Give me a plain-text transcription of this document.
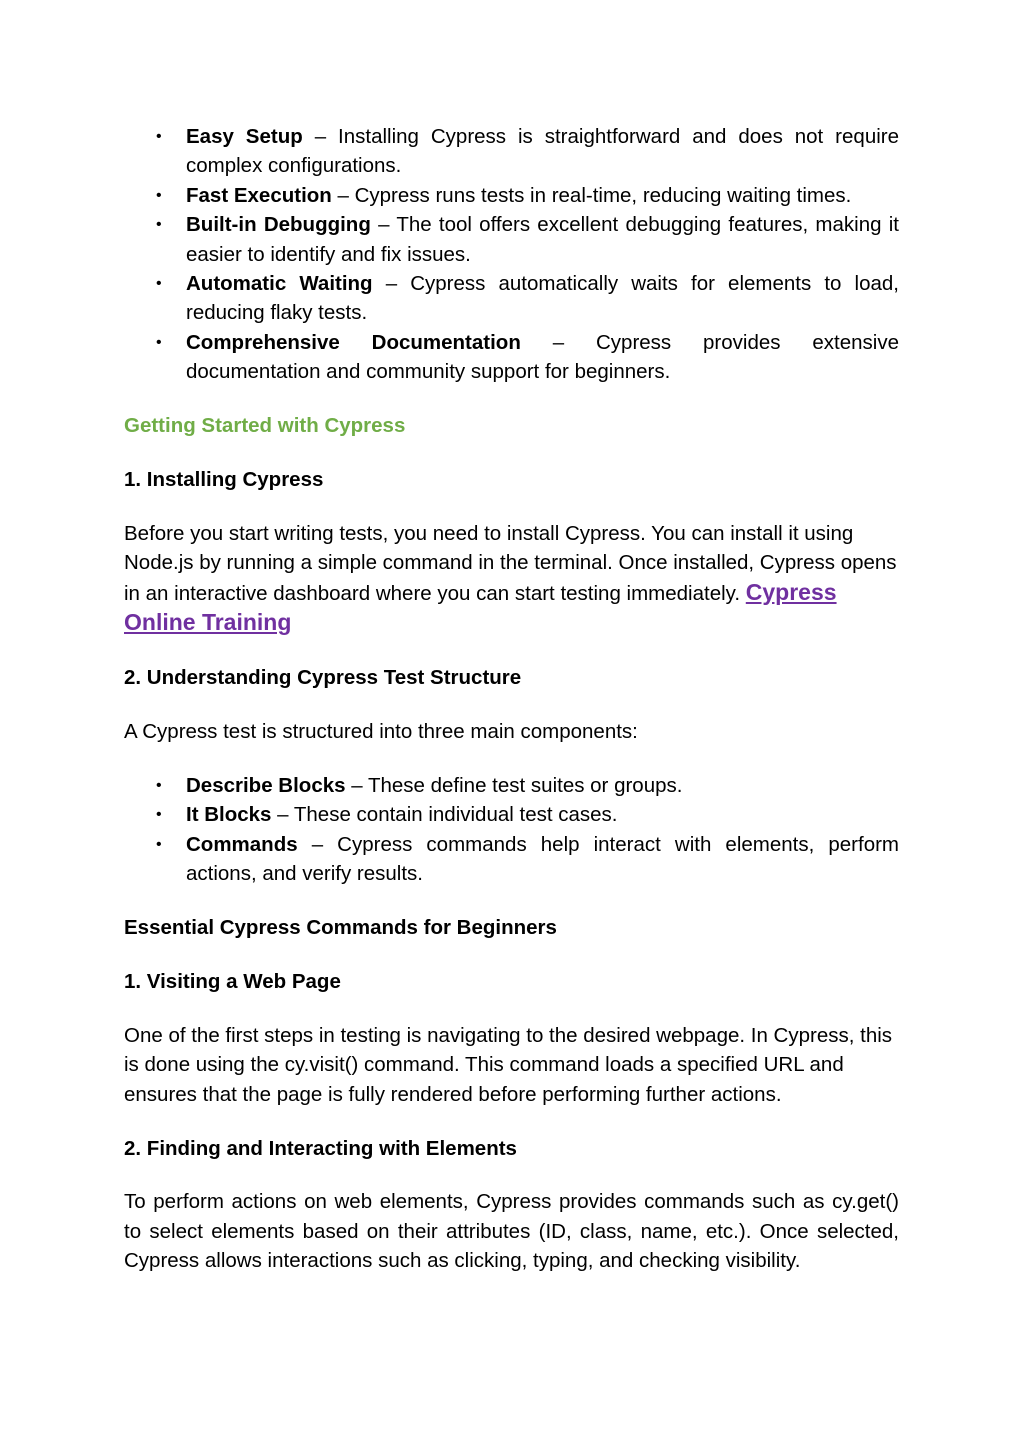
• Easy Setup – Installing Cypress is straightforward and does not require complex configurations.
• Fast Execution – Cypress runs tests in real-time, reducing waiting times.
• Built-in Debugging – The tool offers excellent debugging features, making it easier to identify and fix issues.
• Automatic Waiting – Cypress automatically waits for elements to load, reducing flaky tests.
• Comprehensive Documentation – Cypress provides extensive documentation and community support for beginners.

Getting Started with Cypress

1. Installing Cypress

Before you start writing tests, you need to install Cypress. You can install it using Node.js by running a simple command in the terminal. Once installed, Cypress opens in an interactive dashboard where you can start testing immediately. Cypress Online Training

2. Understanding Cypress Test Structure

A Cypress test is structured into three main components:

• Describe Blocks – These define test suites or groups.
• It Blocks – These contain individual test cases.
• Commands – Cypress commands help interact with elements, perform actions, and verify results.

Essential Cypress Commands for Beginners

1. Visiting a Web Page

One of the first steps in testing is navigating to the desired webpage. In Cypress, this is done using the cy.visit() command. This command loads a specified URL and ensures that the page is fully rendered before performing further actions.

2. Finding and Interacting with Elements

To perform actions on web elements, Cypress provides commands such as cy.get() to select elements based on their attributes (ID, class, name, etc.). Once selected, Cypress allows interactions such as clicking, typing, and checking visibility.
